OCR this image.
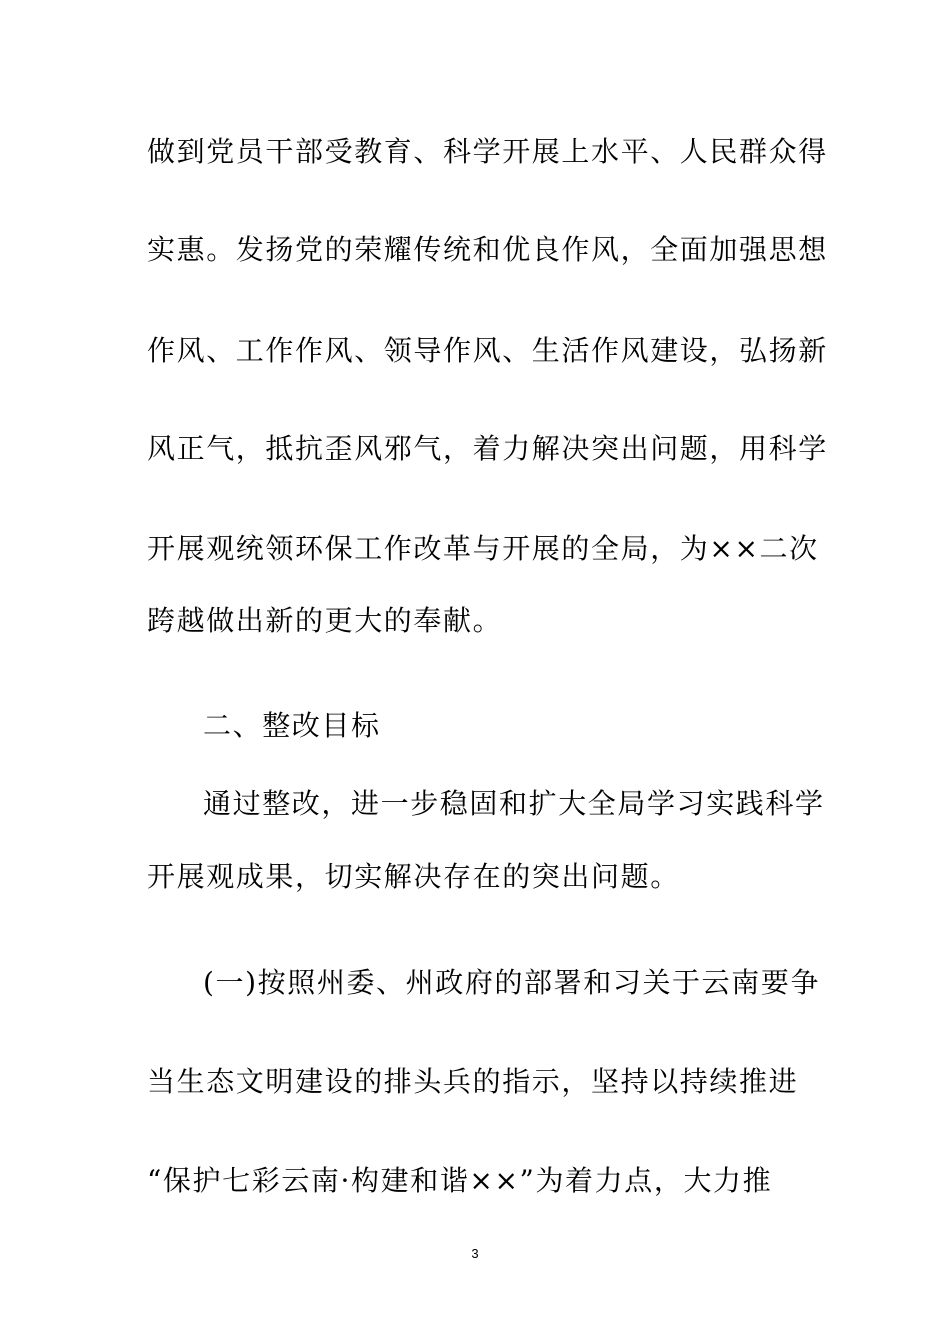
做到党员干部受教育、科学开展上水平、人民群众得
实惠。发扬党的荣耀传统和优良作风，全面加强思想
作风、工作作风、领导作风、生活作风建设，弘扬新
风正气，抵抗歪风邪气，着力解决突出问题，用科学
开展观统领环保工作改革与开展的全局，为××二次
跨越做出新的更大的奉献。
二、整改目标
通过整改，进一步稳固和扩大全局学习实践科学
开展观成果，切实解决存在的突出问题。
(一)按照州委、州政府的部署和习关于云南要争
当生态文明建设的排头兵的指示，坚持以持续推进
“保护七彩云南·构建和谐××”为着力点，大力推
3
